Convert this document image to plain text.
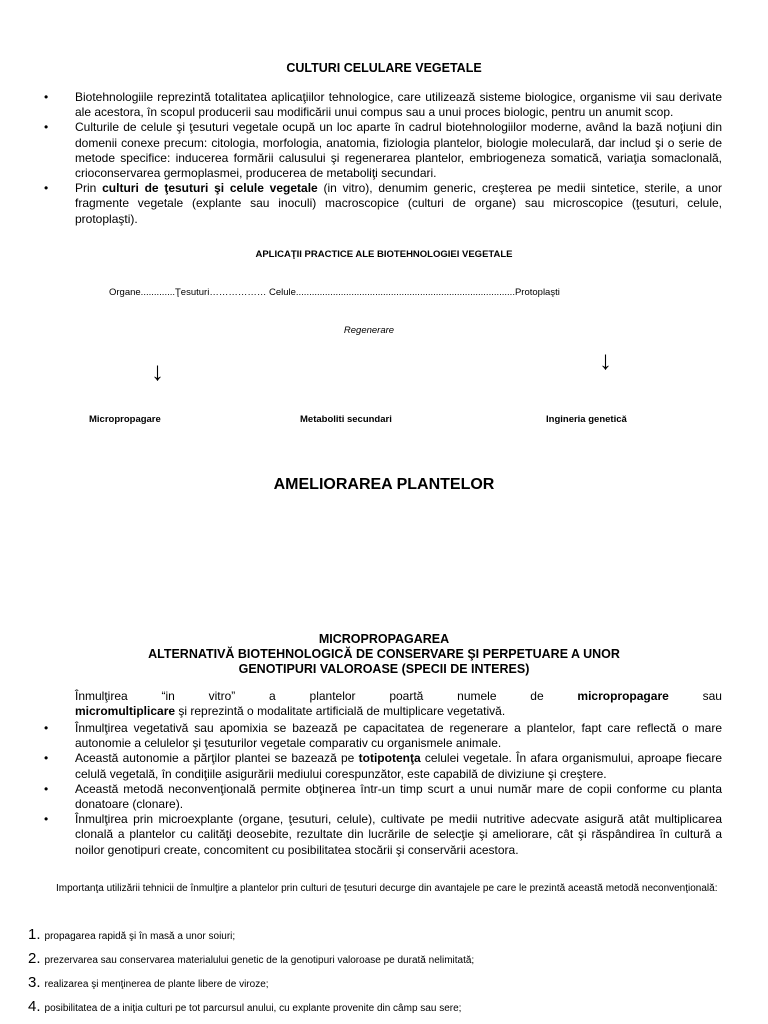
CULTURI CELULARE VEGETALE
• Biotehnologiile reprezintă totalitatea aplicaţiilor tehnologice, care utilizează sisteme biologice, organisme vii sau derivate ale acestora, în scopul producerii sau modificării unui compus sau a unui proces biologic, pentru un anumit scop.
• Culturile de celule şi ţesuturi vegetale ocupă un loc aparte în cadrul biotehnologiilor moderne, având la bază noţiuni din domenii conexe precum: citologia, morfologia, anatomia, fiziologia plantelor, biologie moleculară, dar includ şi o serie de metode specifice: inducerea formării calusului şi regenerarea plantelor, embriogeneza somatică, variaţia somaclonală, crioconservarea germoplasmei, producerea de metaboliţi secundari.
• Prin culturi de ţesuturi şi celule vegetale (in vitro), denumim generic, creşterea pe medii sintetice, sterile, a unor fragmente vegetale (explante sau inoculi) macroscopice (culturi de organe) sau microscopice (ţesuturi, celule, protoplaşti).
APLICAŢII PRACTICE ALE BIOTEHNOLOGIEI VEGETALE
Organe.............Ţesuturi……………… Celule...................................................................................Protoplaşti
Regenerare
↓	↓
Micropropagare	Metaboliti secundari	Ingineria genetică
AMELIORAREA PLANTELOR
MICROPROPAGAREA
ALTERNATIVĂ BIOTEHNOLOGICĂ DE CONSERVARE ŞI PERPETUARE A UNOR
GENOTIPURI VALOROASE (SPECII DE INTERES)
Înmulţirea	“in	vitro”	a	plantelor	poartă	numele	de	micropropagare	sau
micromultiplicare şi reprezintă o modalitate artificială de multiplicare vegetativă.
• Înmulţirea vegetativă sau apomixia se bazează pe capacitatea de regenerare a plantelor, fapt care reflectă o mare autonomie a celulelor şi ţesuturilor vegetale comparativ cu organismele animale.
• Această autonomie a părţilor plantei se bazează pe totipotenţa celulei vegetale. În afara organismului, aproape fiecare celulă vegetală, în condiţiile asigurării mediului corespunzător, este capabilă de diviziune şi creştere.
• Această metodă neconvenţională permite obţinerea într-un timp scurt a unui număr mare de copii conforme cu planta donatoare (clonare).
• Înmulţirea prin microexplante (organe, ţesuturi, celule), cultivate pe medii nutritive adecvate asigură atât multiplicarea clonală a plantelor cu calităţi deosebite, rezultate din lucrările de selecţie şi ameliorare, cât şi răspândirea în cultură a noilor genotipuri create, concomitent cu posibilitatea stocării şi conservării acestora.
Importanţa utilizării tehnicii de înmulţire a plantelor prin culturi de ţesuturi decurge din avantajele pe care le prezintă această metodă neconvenţională:
1. propagarea rapidă şi în masă a unor soiuri;
2. prezervarea sau conservarea materialului genetic de la genotipuri valoroase pe durată nelimitată;
3. realizarea şi menţinerea de plante libere de viroze;
4. posibilitatea de a iniţia culturi pe tot parcursul anului, cu explante provenite din câmp sau sere;
